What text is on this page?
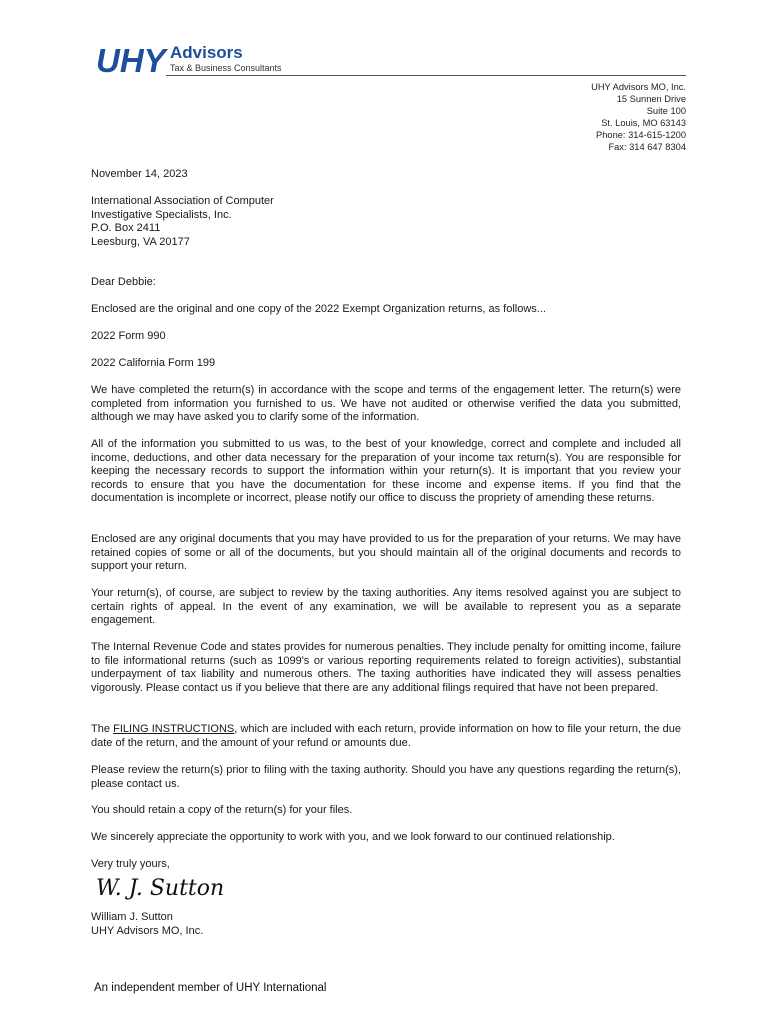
UHY Advisors
Tax & Business Consultants
UHY Advisors MO, Inc.
15 Sunnen Drive
Suite 100
St. Louis, MO 63143
Phone: 314-615-1200
Fax: 314 647 8304
November 14, 2023
International Association of Computer
Investigative Specialists, Inc.
P.O. Box 2411
Leesburg, VA 20177
Dear Debbie:
Enclosed are the original and one copy of the 2022 Exempt Organization returns, as follows...
2022 Form 990
2022 California Form 199
We have completed the return(s) in accordance with the scope and terms of the engagement letter. The return(s) were completed from information you furnished to us. We have not audited or otherwise verified the data you submitted, although we may have asked you to clarify some of the information.
All of the information you submitted to us was, to the best of your knowledge, correct and complete and included all income, deductions, and other data necessary for the preparation of your income tax return(s). You are responsible for keeping the necessary records to support the information within your return(s). It is important that you review your records to ensure that you have the documentation for these income and expense items. If you find that the documentation is incomplete or incorrect, please notify our office to discuss the propriety of amending these returns.
Enclosed are any original documents that you may have provided to us for the preparation of your returns. We may have retained copies of some or all of the documents, but you should maintain all of the original documents and records to support your return.
Your return(s), of course, are subject to review by the taxing authorities. Any items resolved against you are subject to certain rights of appeal. In the event of any examination, we will be available to represent you as a separate engagement.
The Internal Revenue Code and states provides for numerous penalties. They include penalty for omitting income, failure to file informational returns (such as 1099's or various reporting requirements related to foreign activities), substantial underpayment of tax liability and numerous others. The taxing authorities have indicated they will assess penalties vigorously. Please contact us if you believe that there are any additional filings required that have not been prepared.
The FILING INSTRUCTIONS, which are included with each return, provide information on how to file your return, the due date of the return, and the amount of your refund or amounts due.
Please review the return(s) prior to filing with the taxing authority. Should you have any questions regarding the return(s), please contact us.
You should retain a copy of the return(s) for your files.
We sincerely appreciate the opportunity to work with you, and we look forward to our continued relationship.
Very truly yours,
W. J. Sutton
William J. Sutton
UHY Advisors MO, Inc.
An independent member of UHY International
